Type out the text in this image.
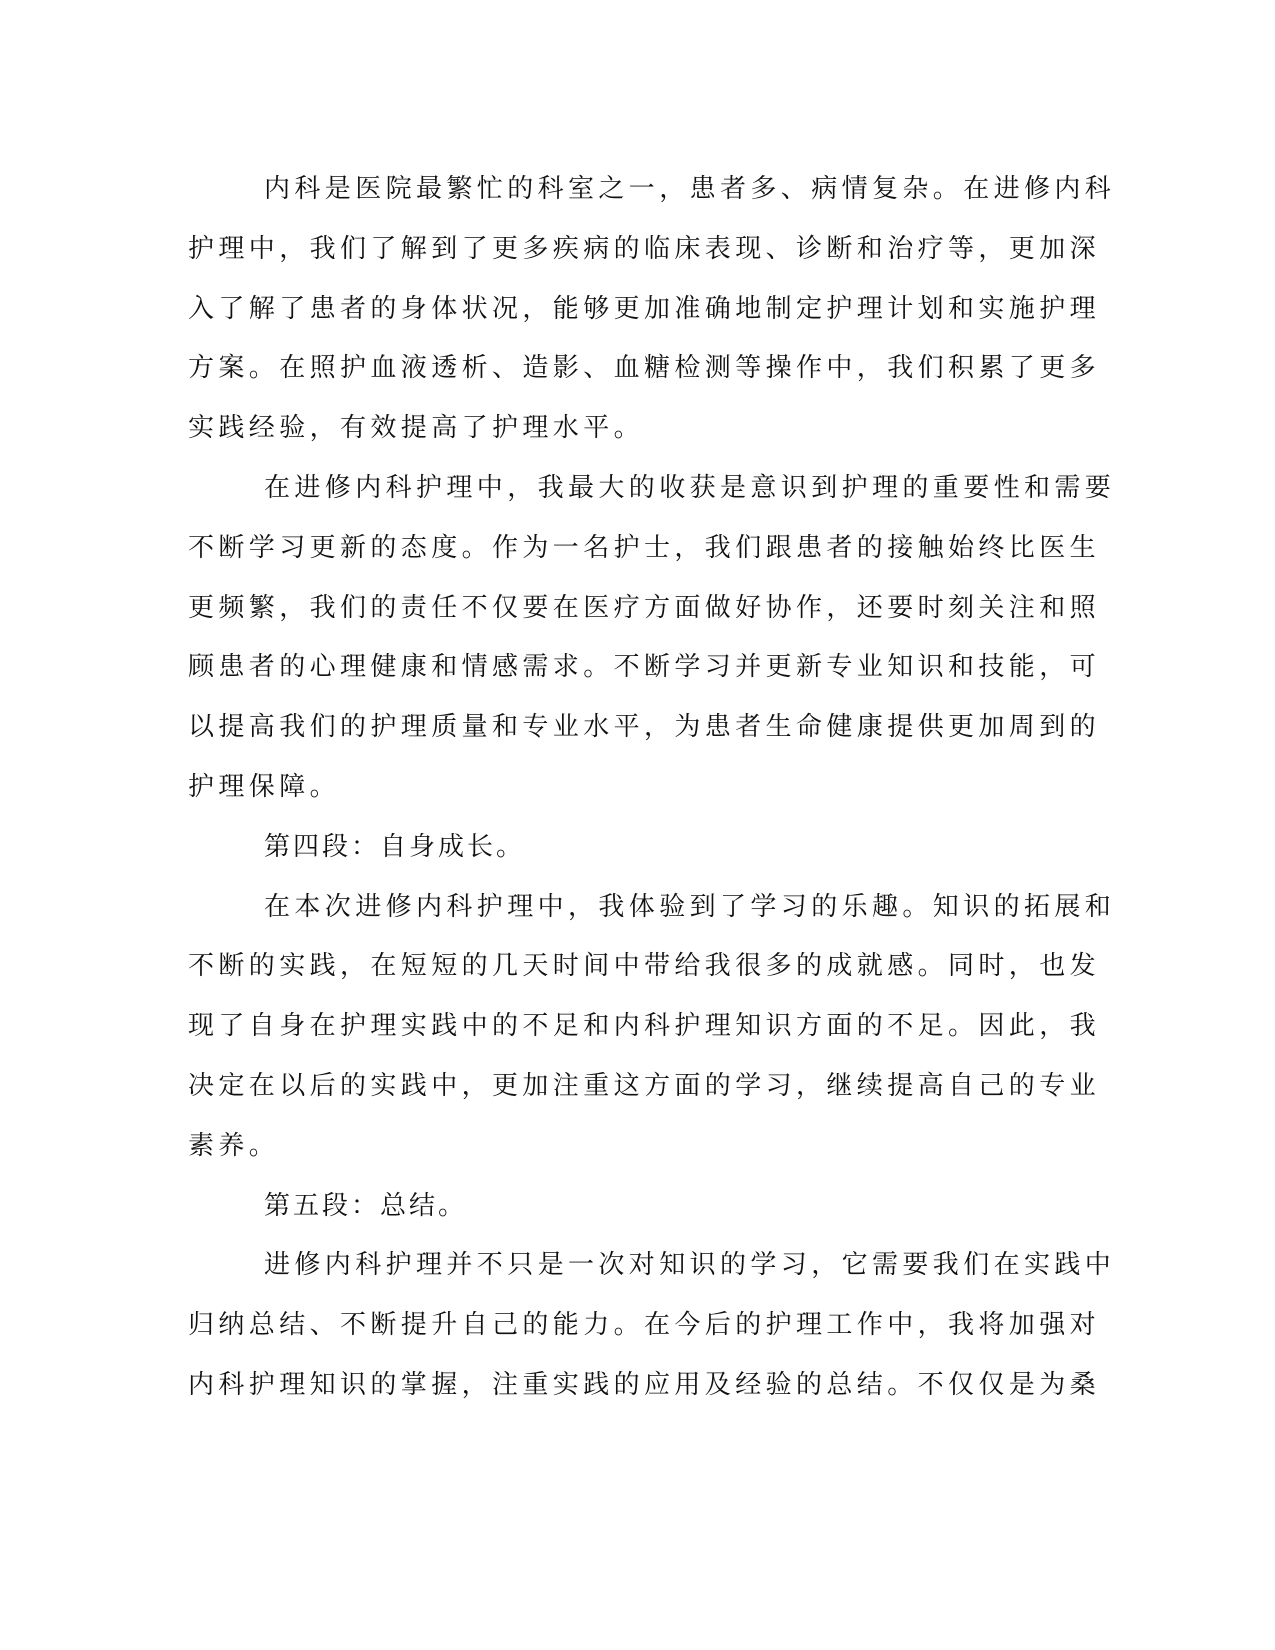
内科是医院最繁忙的科室之一，患者多、病情复杂。在进修内科
护理中，我们了解到了更多疾病的临床表现、诊断和治疗等，更加深
入了解了患者的身体状况，能够更加准确地制定护理计划和实施护理
方案。在照护血液透析、造影、血糖检测等操作中，我们积累了更多
实践经验，有效提高了护理水平。
在进修内科护理中，我最大的收获是意识到护理的重要性和需要
不断学习更新的态度。作为一名护士，我们跟患者的接触始终比医生
更频繁，我们的责任不仅要在医疗方面做好协作，还要时刻关注和照
顾患者的心理健康和情感需求。不断学习并更新专业知识和技能，可
以提高我们的护理质量和专业水平，为患者生命健康提供更加周到的
护理保障。
第四段：自身成长。
在本次进修内科护理中，我体验到了学习的乐趣。知识的拓展和
不断的实践，在短短的几天时间中带给我很多的成就感。同时，也发
现了自身在护理实践中的不足和内科护理知识方面的不足。因此，我
决定在以后的实践中，更加注重这方面的学习，继续提高自己的专业
素养。
第五段：总结。
进修内科护理并不只是一次对知识的学习，它需要我们在实践中
归纳总结、不断提升自己的能力。在今后的护理工作中，我将加强对
内科护理知识的掌握，注重实践的应用及经验的总结。不仅仅是为桑
